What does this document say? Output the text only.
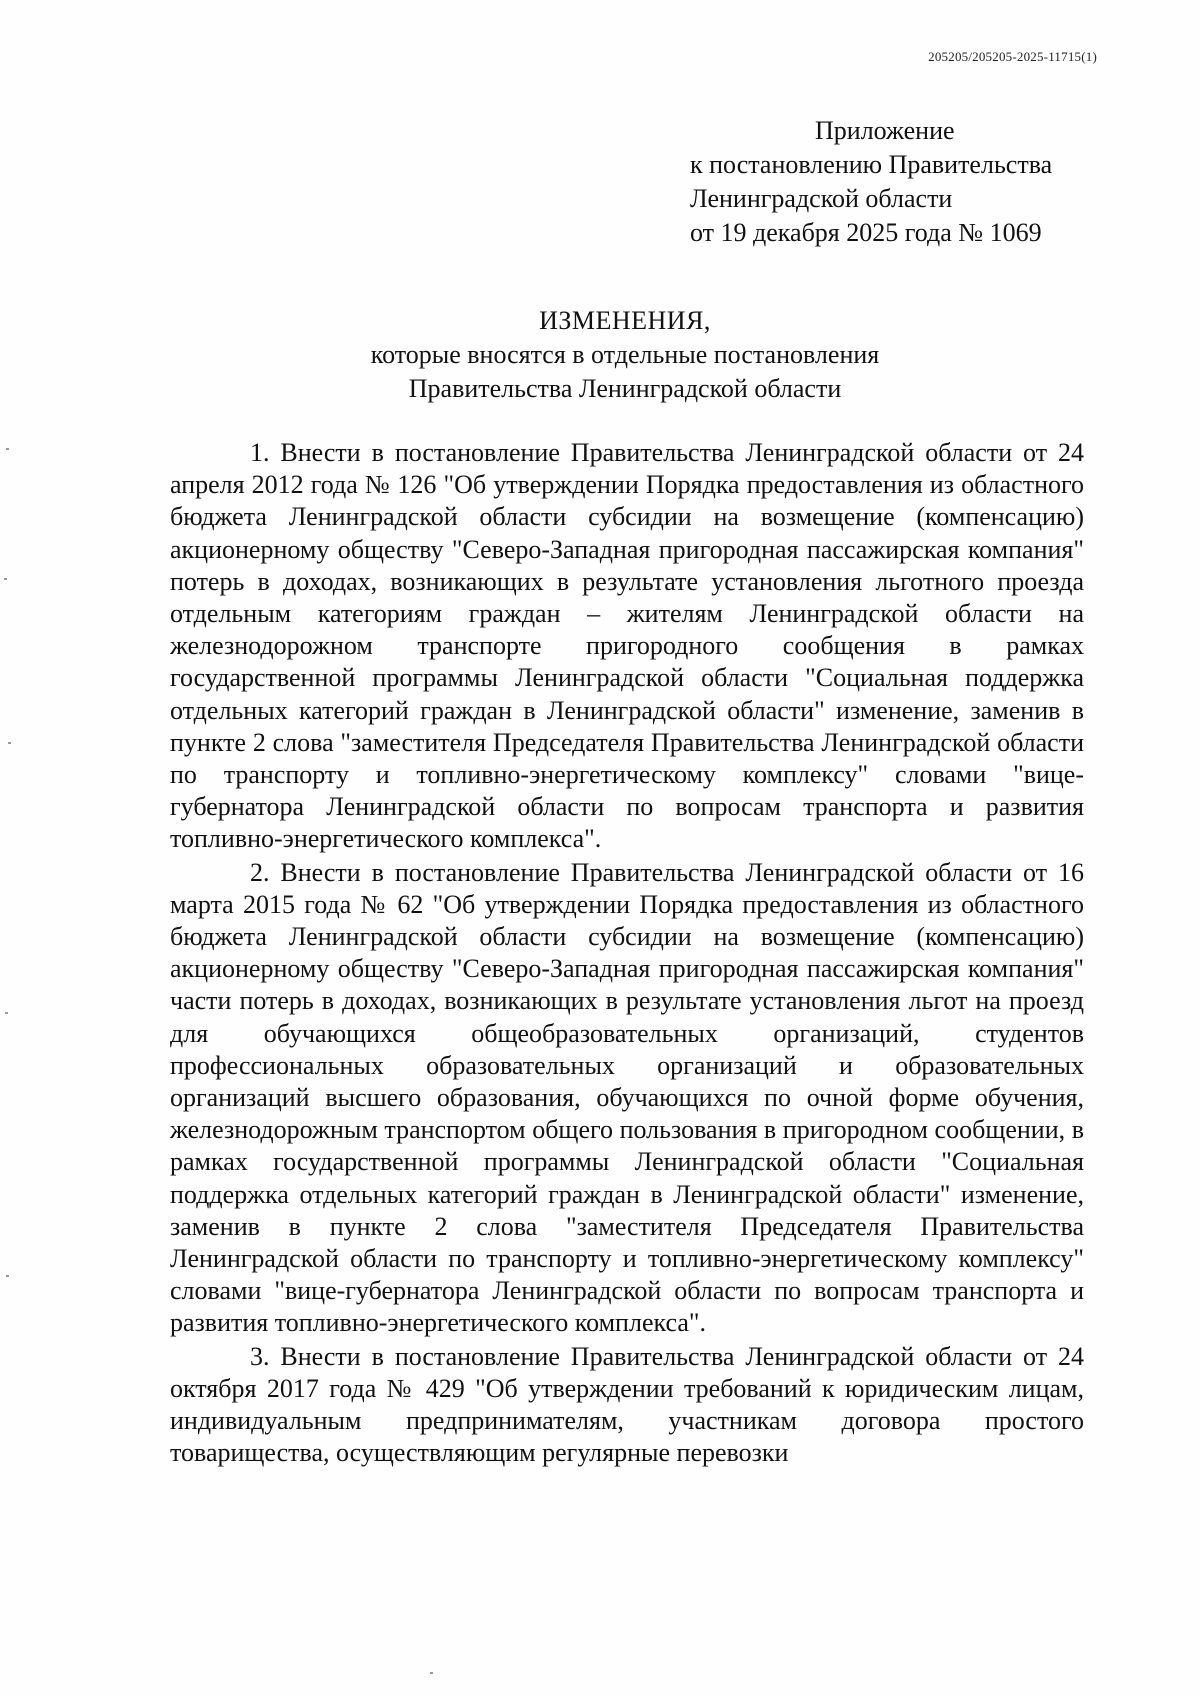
205205/205205-2025-11715(1)
Приложение
к постановлению Правительства
Ленинградской области
от 19 декабря 2025 года № 1069
ИЗМЕНЕНИЯ,
которые вносятся в отдельные постановления
Правительства Ленинградской области

1. Внести в постановление Правительства Ленинградской области от 24 апреля 2012 года № 126 "Об утверждении Порядка предоставления из областного бюджета Ленинградской области субсидии на возмещение (компенсацию) акционерному обществу "Северо-Западная пригородная пассажирская компания" потерь в доходах, возникающих в результате установления льготного проезда отдельным категориям граждан – жителям Ленинградской области на железнодорожном транспорте пригородного сообщения в рамках государственной программы Ленинградской области "Социальная поддержка отдельных категорий граждан в Ленинградской области" изменение, заменив в пункте 2 слова "заместителя Председателя Правительства Ленинградской области по транспорту и топливно-энергетическому комплексу" словами "вице-губернатора Ленинградской области по вопросам транспорта и развития топливно-энергетического комплекса".

2. Внести в постановление Правительства Ленинградской области от 16 марта 2015 года № 62 "Об утверждении Порядка предоставления из областного бюджета Ленинградской области субсидии на возмещение (компенсацию) акционерному обществу "Северо-Западная пригородная пассажирская компания" части потерь в доходах, возникающих в результате установления льгот на проезд для обучающихся общеобразовательных организаций, студентов профессиональных образовательных организаций и образовательных организаций высшего образования, обучающихся по очной форме обучения, железнодорожным транспортом общего пользования в пригородном сообщении, в рамках государственной программы Ленинградской области "Социальная поддержка отдельных категорий граждан в Ленинградской области" изменение, заменив в пункте 2 слова "заместителя Председателя Правительства Ленинградской области по транспорту и топливно-энергетическому комплексу" словами "вице-губернатора Ленинградской области по вопросам транспорта и развития топливно-энергетического комплекса".

3. Внести в постановление Правительства Ленинградской области от 24 октября 2017 года № 429 "Об утверждении требований к юридическим лицам, индивидуальным предпринимателям, участникам договора простого товарищества, осуществляющим регулярные перевозки
